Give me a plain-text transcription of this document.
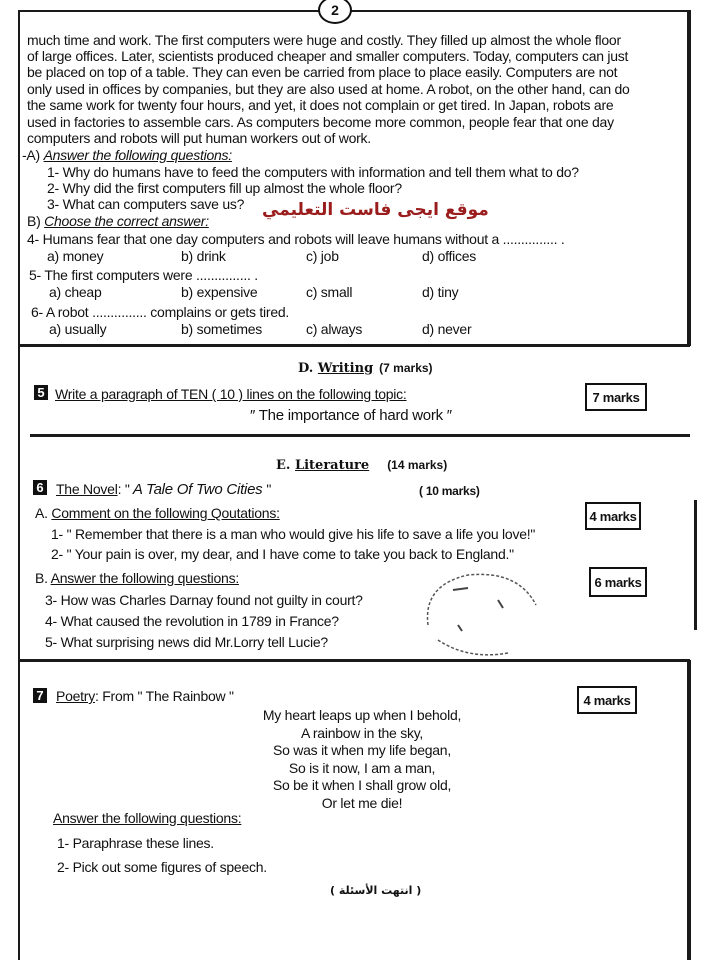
2
much time and work. The first computers were huge and costly. They filled up almost the whole floor
of large offices. Later, scientists produced cheaper and smaller computers. Today, computers can just
be placed on top of a table. They can even be carried from place to place easily. Computers are not
only used in offices by companies, but they are also used at home. A robot, on the other hand, can do
the same work for twenty four hours, and yet, it does not complain or get tired. In Japan, robots are
used in factories to assemble cars. As computers become more common, people fear that one day
computers and robots will put human workers out of work.
-A) Answer the following questions:
1- Why do humans have to feed the computers with information and tell them what to do?
2- Why did the first computers fill up almost the whole floor?
3- What can computers save us? موقع ايجى فاست التعليمي
B) Choose the correct answer:
4- Humans fear that one day computers and robots will leave humans without a ............... .
a) money	b) drink	c) job	d) offices
5- The first computers were ............... .
a) cheap	b) expensive	c) small	d) tiny
6- A robot ............... complains or gets tired.
a) usually	b) sometimes	c) always	d) never
D. Writing (7 marks)
5 Write a paragraph of TEN ( 10 ) lines on the following topic:	7 marks
″ The importance of hard work ″
E. Literature (14 marks)
6 The Novel: " A Tale Of Two Cities "	( 10 marks)
A. Comment on the following Qoutations:	4 marks
1- " Remember that there is a man who would give his life to save a life you love!"
2- " Your pain is over, my dear, and I have come to take you back to England."
B. Answer the following questions:	6 marks
3- How was Charles Darnay found not guilty in court?
4- What caused the revolution in 1789 in France?
5- What surprising news did Mr.Lorry tell Lucie?
7 Poetry: From " The Rainbow "	4 marks
My heart leaps up when I behold,
A rainbow in the sky,
So was it when my life began,
So is it now, I am a man,
So be it when I shall grow old,
Or let me die!
Answer the following questions:
1- Paraphrase these lines.
2- Pick out some figures of speech.
( انتهت الأسئلة )
